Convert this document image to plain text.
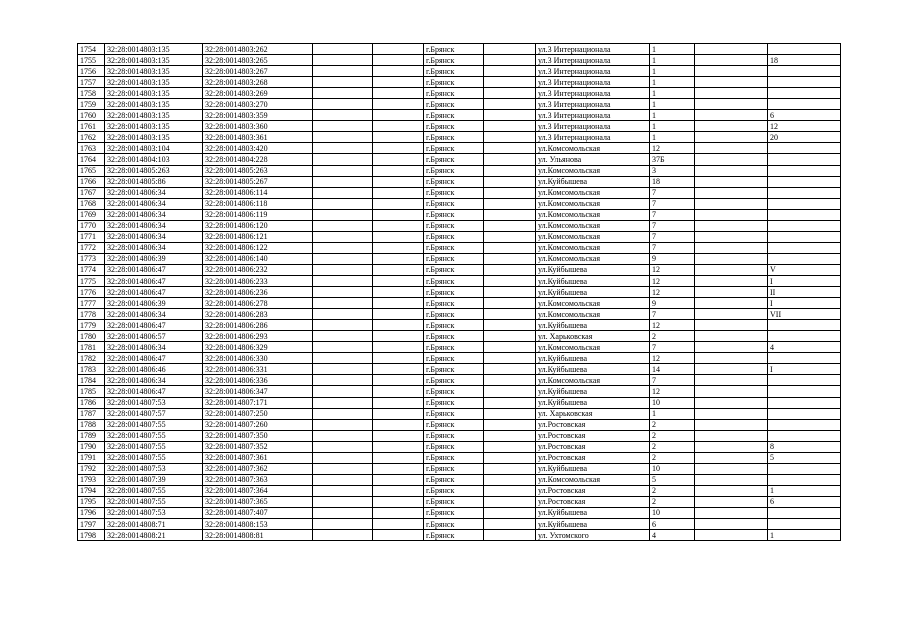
1754	32:28:0014803:135	32:28:0014803:262			г.Брянск		ул.3 Интернационала	1		
1755	32:28:0014803:135	32:28:0014803:265			г.Брянск		ул.3 Интернационала	1		18
1756	32:28:0014803:135	32:28:0014803:267			г.Брянск		ул.3 Интернационала	1		
1757	32:28:0014803:135	32:28:0014803:268			г.Брянск		ул.3 Интернационала	1		
1758	32:28:0014803:135	32:28:0014803:269			г.Брянск		ул.3 Интернационала	1		
1759	32:28:0014803:135	32:28:0014803:270			г.Брянск		ул.3 Интернационала	1		
1760	32:28:0014803:135	32:28:0014803:359			г.Брянск		ул.3 Интернационала	1		6
1761	32:28:0014803:135	32:28:0014803:360			г.Брянск		ул.3 Интернационала	1		12
1762	32:28:0014803:135	32:28:0014803:361			г.Брянск		ул.3 Интернационала	1		20
1763	32:28:0014803:104	32:28:0014803:420			г.Брянск		ул.Комсомольская	12		
1764	32:28:0014804:103	32:28:0014804:228			г.Брянск		ул. Ульянова	37Б		
1765	32:28:0014805:263	32:28:0014805:263			г.Брянск		ул.Комсомольская	3		
1766	32:28:0014805:86	32:28:0014805:267			г.Брянск		ул.Куйбышева	18		
1767	32:28:0014806:34	32:28:0014806:114			г.Брянск		ул.Комсомольская	7		
1768	32:28:0014806:34	32:28:0014806:118			г.Брянск		ул.Комсомольская	7		
1769	32:28:0014806:34	32:28:0014806:119			г.Брянск		ул.Комсомольская	7		
1770	32:28:0014806:34	32:28:0014806:120			г.Брянск		ул.Комсомольская	7		
1771	32:28:0014806:34	32:28:0014806:121			г.Брянск		ул.Комсомольская	7		
1772	32:28:0014806:34	32:28:0014806:122			г.Брянск		ул.Комсомольская	7		
1773	32:28:0014806:39	32:28:0014806:140			г.Брянск		ул.Комсомольская	9		
1774	32:28:0014806:47	32:28:0014806:232			г.Брянск		ул.Куйбышева	12		V
1775	32:28:0014806:47	32:28:0014806:233			г.Брянск		ул.Куйбышева	12		I
1776	32:28:0014806:47	32:28:0014806:236			г.Брянск		ул.Куйбышева	12		II
1777	32:28:0014806:39	32:28:0014806:278			г.Брянск		ул.Комсомольская	9		I
1778	32:28:0014806:34	32:28:0014806:283			г.Брянск		ул.Комсомольская	7		VII
1779	32:28:0014806:47	32:28:0014806:286			г.Брянск		ул.Куйбышева	12		
1780	32:28:0014806:57	32:28:0014806:293			г.Брянск		ул. Харьковская	2		
1781	32:28:0014806:34	32:28:0014806:329			г.Брянск		ул.Комсомольская	7		4
1782	32:28:0014806:47	32:28:0014806:330			г.Брянск		ул.Куйбышева	12		
1783	32:28:0014806:46	32:28:0014806:331			г.Брянск		ул.Куйбышева	14		I
1784	32:28:0014806:34	32:28:0014806:336			г.Брянск		ул.Комсомольская	7		
1785	32:28:0014806:47	32:28:0014806:347			г.Брянск		ул.Куйбышева	12		
1786	32:28:0014807:53	32:28:0014807:171			г.Брянск		ул.Куйбышева	10		
1787	32:28:0014807:57	32:28:0014807:250			г.Брянск		ул. Харьковская	1		
1788	32:28:0014807:55	32:28:0014807:260			г.Брянск		ул.Ростовская	2		
1789	32:28:0014807:55	32:28:0014807:350			г.Брянск		ул.Ростовская	2		
1790	32:28:0014807:55	32:28:0014807:352			г.Брянск		ул.Ростовская	2		8
1791	32:28:0014807:55	32:28:0014807:361			г.Брянск		ул.Ростовская	2		5
1792	32:28:0014807:53	32:28:0014807:362			г.Брянск		ул.Куйбышева	10		
1793	32:28:0014807:39	32:28:0014807:363			г.Брянск		ул.Комсомольская	5		
1794	32:28:0014807:55	32:28:0014807:364			г.Брянск		ул.Ростовская	2		1
1795	32:28:0014807:55	32:28:0014807:365			г.Брянск		ул.Ростовская	2		6
1796	32:28:0014807:53	32:28:0014807:407			г.Брянск		ул.Куйбышева	10		
1797	32:28:0014808:71	32:28:0014808:153			г.Брянск		ул.Куйбышева	6		
1798	32:28:0014808:21	32:28:0014808:81			г.Брянск		ул. Ухтомского	4		1
